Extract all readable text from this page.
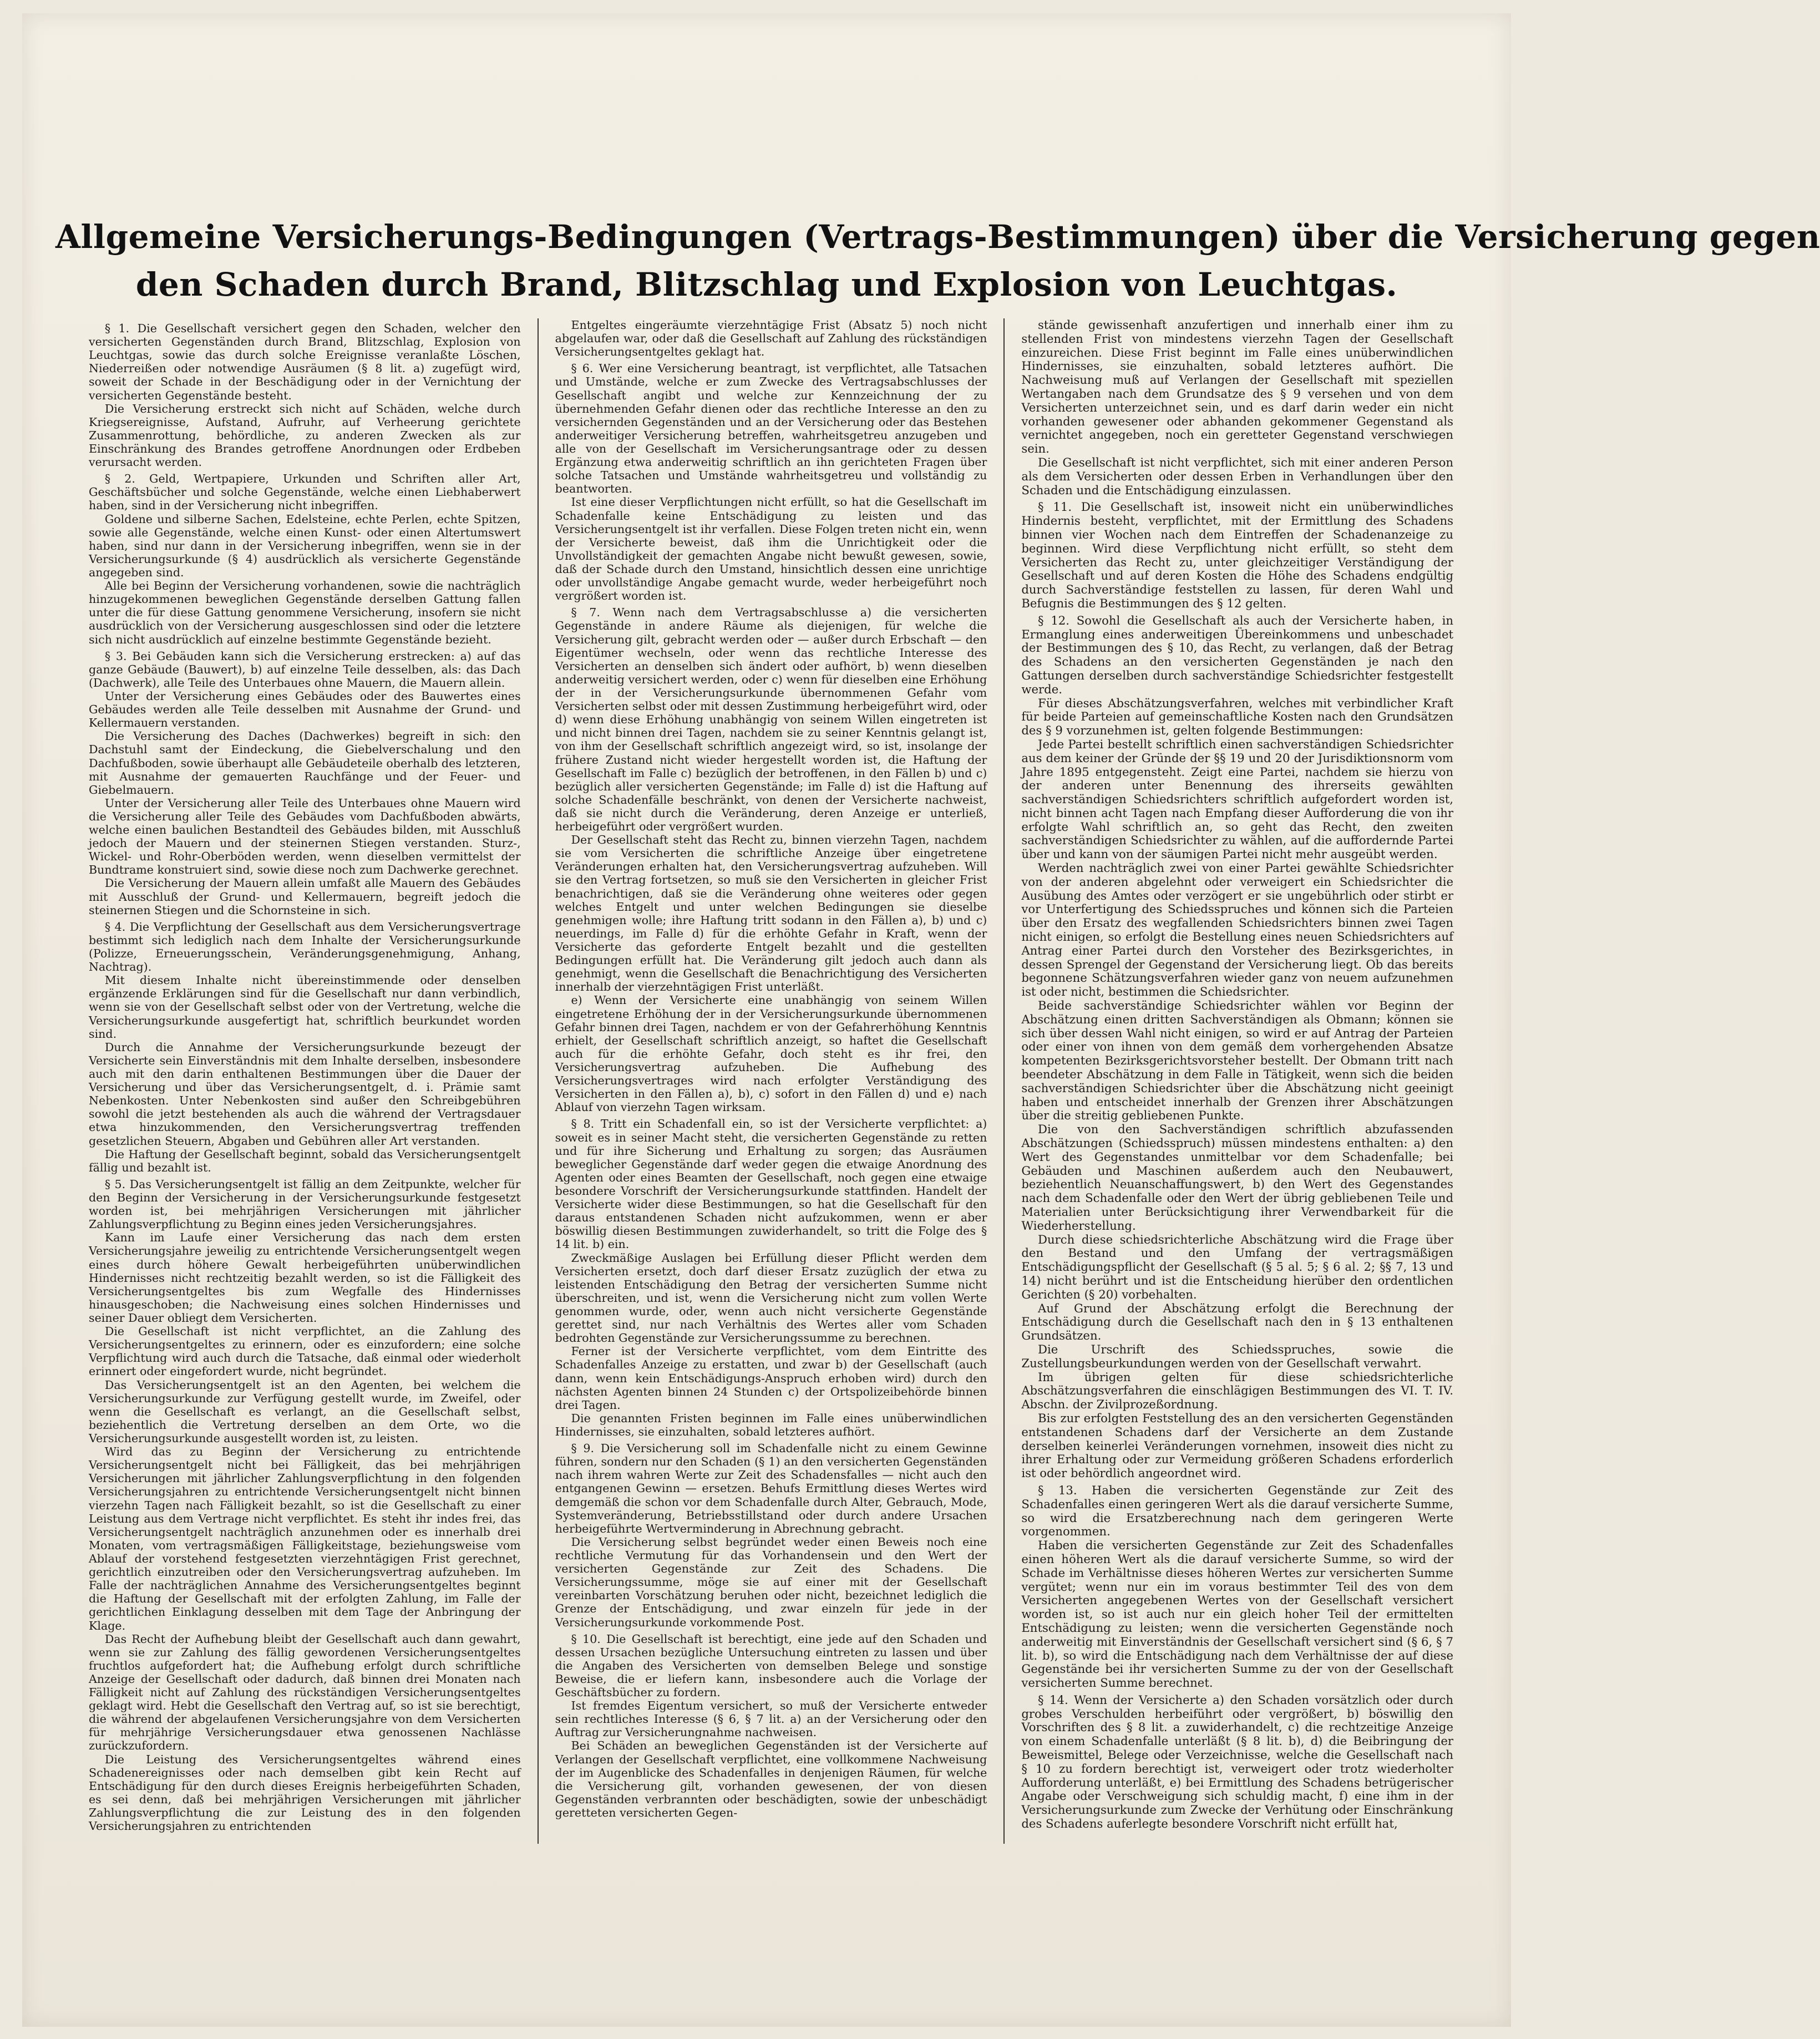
Allgemeine Versicherungs-Bedingungen (Vertrags-Bestimmungen) über die Versicherung gegen
den Schaden durch Brand, Blitzschlag und Explosion von Leuchtgas.

§ 1. Die Gesellschaft versichert gegen den Schaden, welcher den versicherten Gegenständen durch Brand, Blitzschlag, Explosion von Leuchtgas, sowie das durch solche Ereignisse veranlaßte Löschen, Niederreißen oder notwendige Ausräumen (§ 8 lit. a) zugefügt wird, soweit der Schade in der Beschädigung oder in der Vernichtung der versicherten Gegenstände besteht.

Die Versicherung erstreckt sich nicht auf Schäden, welche durch Kriegsereignisse, Aufstand, Aufruhr, auf Verheerung gerichtete Zusammenrottung, behördliche, zu anderen Zwecken als zur Einschränkung des Brandes getroffene Anordnungen oder Erdbeben verursacht werden.

§ 2. Geld, Wertpapiere, Urkunden und Schriften aller Art, Geschäftsbücher und solche Gegenstände, welche einen Liebhaberwert haben, sind in der Versicherung nicht inbegriffen.

Goldene und silberne Sachen, Edelsteine, echte Perlen, echte Spitzen, sowie alle Gegenstände, welche einen Kunst- oder einen Altertumswert haben, sind nur dann in der Versicherung inbegriffen, wenn sie in der Versicherungsurkunde (§ 4) ausdrücklich als versicherte Gegenstände angegeben sind.

Alle bei Beginn der Versicherung vorhandenen, sowie die nachträglich hinzugekommenen beweglichen Gegenstände derselben Gattung fallen unter die für diese Gattung genommene Versicherung, insofern sie nicht ausdrücklich von der Versicherung ausgeschlossen sind oder die letztere sich nicht ausdrücklich auf einzelne bestimmte Gegenstände bezieht.

§ 3. Bei Gebäuden kann sich die Versicherung erstrecken: a) auf das ganze Gebäude (Bauwert), b) auf einzelne Teile desselben, als: das Dach (Dachwerk), alle Teile des Unterbaues ohne Mauern, die Mauern allein.

Unter der Versicherung eines Gebäudes oder des Bauwertes eines Gebäudes werden alle Teile desselben mit Ausnahme der Grund- und Kellermauern verstanden.

Die Versicherung des Daches (Dachwerkes) begreift in sich: den Dachstuhl samt der Eindeckung, die Giebelverschalung und den Dachfußboden, sowie überhaupt alle Gebäudeteile oberhalb des letzteren, mit Ausnahme der gemauerten Rauchfänge und der Feuer- und Giebelmauern.

Unter der Versicherung aller Teile des Unterbaues ohne Mauern wird die Versicherung aller Teile des Gebäudes vom Dachfußboden abwärts, welche einen baulichen Bestandteil des Gebäudes bilden, mit Ausschluß jedoch der Mauern und der steinernen Stiegen verstanden. Sturz-, Wickel- und Rohr-Oberböden werden, wenn dieselben vermittelst der Bundtrame konstruiert sind, sowie diese noch zum Dachwerke gerechnet.

Die Versicherung der Mauern allein umfaßt alle Mauern des Gebäudes mit Ausschluß der Grund- und Kellermauern, begreift jedoch die steinernen Stiegen und die Schornsteine in sich.

§ 4. Die Verpflichtung der Gesellschaft aus dem Versicherungsvertrage bestimmt sich lediglich nach dem Inhalte der Versicherungsurkunde (Polizze, Erneuerungsschein, Veränderungsgenehmigung, Anhang, Nachtrag).

Mit diesem Inhalte nicht übereinstimmende oder denselben ergänzende Erklärungen sind für die Gesellschaft nur dann verbindlich, wenn sie von der Gesellschaft selbst oder von der Vertretung, welche die Versicherungsurkunde ausgefertigt hat, schriftlich beurkundet worden sind.

Durch die Annahme der Versicherungsurkunde bezeugt der Versicherte sein Einverständnis mit dem Inhalte derselben, insbesondere auch mit den darin enthaltenen Bestimmungen über die Dauer der Versicherung und über das Versicherungsentgelt, d. i. Prämie samt Nebenkosten. Unter Nebenkosten sind außer den Schreibgebühren sowohl die jetzt bestehenden als auch die während der Vertragsdauer etwa hinzukommenden, den Versicherungsvertrag treffenden gesetzlichen Steuern, Abgaben und Gebühren aller Art verstanden.

Die Haftung der Gesellschaft beginnt, sobald das Versicherungsentgelt fällig und bezahlt ist.

§ 5. Das Versicherungsentgelt ist fällig an dem Zeitpunkte, welcher für den Beginn der Versicherung in der Versicherungsurkunde festgesetzt worden ist, bei mehrjährigen Versicherungen mit jährlicher Zahlungsverpflichtung zu Beginn eines jeden Versicherungsjahres.

Kann im Laufe einer Versicherung das nach dem ersten Versicherungsjahre jeweilig zu entrichtende Versicherungsentgelt wegen eines durch höhere Gewalt herbeigeführten unüberwindlichen Hindernisses nicht rechtzeitig bezahlt werden, so ist die Fälligkeit des Versicherungsentgeltes bis zum Wegfalle des Hindernisses hinausgeschoben; die Nachweisung eines solchen Hindernisses und seiner Dauer obliegt dem Versicherten.

Die Gesellschaft ist nicht verpflichtet, an die Zahlung des Versicherungsentgeltes zu erinnern, oder es einzufordern; eine solche Verpflichtung wird auch durch die Tatsache, daß einmal oder wiederholt erinnert oder eingefordert wurde, nicht begründet.

Das Versicherungsentgelt ist an den Agenten, bei welchem die Versicherungsurkunde zur Verfügung gestellt wurde, im Zweifel, oder wenn die Gesellschaft es verlangt, an die Gesellschaft selbst, beziehentlich die Vertretung derselben an dem Orte, wo die Versicherungsurkunde ausgestellt worden ist, zu leisten.

Wird das zu Beginn der Versicherung zu entrichtende Versicherungsentgelt nicht bei Fälligkeit, das bei mehrjährigen Versicherungen mit jährlicher Zahlungsverpflichtung in den folgenden Versicherungsjahren zu entrichtende Versicherungsentgelt nicht binnen vierzehn Tagen nach Fälligkeit bezahlt, so ist die Gesellschaft zu einer Leistung aus dem Vertrage nicht verpflichtet. Es steht ihr indes frei, das Versicherungsentgelt nachträglich anzunehmen oder es innerhalb drei Monaten, vom vertragsmäßigen Fälligkeitstage, beziehungsweise vom Ablauf der vorstehend festgesetzten vierzehntägigen Frist gerechnet, gerichtlich einzutreiben oder den Versicherungsvertrag aufzuheben. Im Falle der nachträglichen Annahme des Versicherungsentgeltes beginnt die Haftung der Gesellschaft mit der erfolgten Zahlung, im Falle der gerichtlichen Einklagung desselben mit dem Tage der Anbringung der Klage.

Das Recht der Aufhebung bleibt der Gesellschaft auch dann gewahrt, wenn sie zur Zahlung des fällig gewordenen Versicherungsentgeltes fruchtlos aufgefordert hat; die Aufhebung erfolgt durch schriftliche Anzeige der Gesellschaft oder dadurch, daß binnen drei Monaten nach Fälligkeit nicht auf Zahlung des rückständigen Versicherungsentgeltes geklagt wird. Hebt die Gesellschaft den Vertrag auf, so ist sie berechtigt, die während der abgelaufenen Versicherungsjahre von dem Versicherten für mehrjährige Versicherungsdauer etwa genossenen Nachlässe zurückzufordern.

Die Leistung des Versicherungsentgeltes während eines Schadenereignisses oder nach demselben gibt kein Recht auf Entschädigung für den durch dieses Ereignis herbeigeführten Schaden, es sei denn, daß bei mehrjährigen Versicherungen mit jährlicher Zahlungsverpflichtung die zur Leistung des in den folgenden Versicherungsjahren zu entrichtenden

Entgeltes eingeräumte vierzehntägige Frist (Absatz 5) noch nicht abgelaufen war, oder daß die Gesellschaft auf Zahlung des rückständigen Versicherungsentgeltes geklagt hat.

§ 6. Wer eine Versicherung beantragt, ist verpflichtet, alle Tatsachen und Umstände, welche er zum Zwecke des Vertragsabschlusses der Gesellschaft angibt und welche zur Kennzeichnung der zu übernehmenden Gefahr dienen oder das rechtliche Interesse an den zu versichernden Gegenständen und an der Versicherung oder das Bestehen anderweitiger Versicherung betreffen, wahrheitsgetreu anzugeben und alle von der Gesellschaft im Versicherungsantrage oder zu dessen Ergänzung etwa anderweitig schriftlich an ihn gerichteten Fragen über solche Tatsachen und Umstände wahrheitsgetreu und vollständig zu beantworten.

Ist eine dieser Verpflichtungen nicht erfüllt, so hat die Gesellschaft im Schadenfalle keine Entschädigung zu leisten und das Versicherungsentgelt ist ihr verfallen. Diese Folgen treten nicht ein, wenn der Versicherte beweist, daß ihm die Unrichtigkeit oder die Unvollständigkeit der gemachten Angabe nicht bewußt gewesen, sowie, daß der Schade durch den Umstand, hinsichtlich dessen eine unrichtige oder unvollständige Angabe gemacht wurde, weder herbeigeführt noch vergrößert worden ist.

§ 7. Wenn nach dem Vertragsabschlusse a) die versicherten Gegenstände in andere Räume als diejenigen, für welche die Versicherung gilt, gebracht werden oder — außer durch Erbschaft — den Eigentümer wechseln, oder wenn das rechtliche Interesse des Versicherten an denselben sich ändert oder aufhört, b) wenn dieselben anderweitig versichert werden, oder c) wenn für dieselben eine Erhöhung der in der Versicherungsurkunde übernommenen Gefahr vom Versicherten selbst oder mit dessen Zustimmung herbeigeführt wird, oder d) wenn diese Erhöhung unabhängig von seinem Willen eingetreten ist und nicht binnen drei Tagen, nachdem sie zu seiner Kenntnis gelangt ist, von ihm der Gesellschaft schriftlich angezeigt wird, so ist, insolange der frühere Zustand nicht wieder hergestellt worden ist, die Haftung der Gesellschaft im Falle c) bezüglich der betroffenen, in den Fällen b) und c) bezüglich aller versicherten Gegenstände; im Falle d) ist die Haftung auf solche Schadenfälle beschränkt, von denen der Versicherte nachweist, daß sie nicht durch die Veränderung, deren Anzeige er unterließ, herbeigeführt oder vergrößert wurden.

Der Gesellschaft steht das Recht zu, binnen vierzehn Tagen, nachdem sie vom Versicherten die schriftliche Anzeige über eingetretene Veränderungen erhalten hat, den Versicherungsvertrag aufzuheben. Will sie den Vertrag fortsetzen, so muß sie den Versicherten in gleicher Frist benachrichtigen, daß sie die Veränderung ohne weiteres oder gegen welches Entgelt und unter welchen Bedingungen sie dieselbe genehmigen wolle; ihre Haftung tritt sodann in den Fällen a), b) und c) neuerdings, im Falle d) für die erhöhte Gefahr in Kraft, wenn der Versicherte das geforderte Entgelt bezahlt und die gestellten Bedingungen erfüllt hat. Die Veränderung gilt jedoch auch dann als genehmigt, wenn die Gesellschaft die Benachrichtigung des Versicherten innerhalb der vierzehntägigen Frist unterläßt.

e) Wenn der Versicherte eine unabhängig von seinem Willen eingetretene Erhöhung der in der Versicherungsurkunde übernommenen Gefahr binnen drei Tagen, nachdem er von der Gefahrerhöhung Kenntnis erhielt, der Gesellschaft schriftlich anzeigt, so haftet die Gesellschaft auch für die erhöhte Gefahr, doch steht es ihr frei, den Versicherungsvertrag aufzuheben. Die Aufhebung des Versicherungsvertrages wird nach erfolgter Verständigung des Versicherten in den Fällen a), b), c) sofort in den Fällen d) und e) nach Ablauf von vierzehn Tagen wirksam.

§ 8. Tritt ein Schadenfall ein, so ist der Versicherte verpflichtet: a) soweit es in seiner Macht steht, die versicherten Gegenstände zu retten und für ihre Sicherung und Erhaltung zu sorgen; das Ausräumen beweglicher Gegenstände darf weder gegen die etwaige Anordnung des Agenten oder eines Beamten der Gesellschaft, noch gegen eine etwaige besondere Vorschrift der Versicherungsurkunde stattfinden. Handelt der Versicherte wider diese Bestimmungen, so hat die Gesellschaft für den daraus entstandenen Schaden nicht aufzukommen, wenn er aber böswillig diesen Bestimmungen zuwiderhandelt, so tritt die Folge des § 14 lit. b) ein.

Zweckmäßige Auslagen bei Erfüllung dieser Pflicht werden dem Versicherten ersetzt, doch darf dieser Ersatz zuzüglich der etwa zu leistenden Entschädigung den Betrag der versicherten Summe nicht überschreiten, und ist, wenn die Versicherung nicht zum vollen Werte genommen wurde, oder, wenn auch nicht versicherte Gegenstände gerettet sind, nur nach Verhältnis des Wertes aller vom Schaden bedrohten Gegenstände zur Versicherungssumme zu berechnen.

Ferner ist der Versicherte verpflichtet, vom dem Eintritte des Schadenfalles Anzeige zu erstatten, und zwar b) der Gesellschaft (auch dann, wenn kein Entschädigungs-Anspruch erhoben wird) durch den nächsten Agenten binnen 24 Stunden c) der Ortspolizeibehörde binnen drei Tagen.

Die genannten Fristen beginnen im Falle eines unüberwindlichen Hindernisses, sie einzuhalten, sobald letzteres aufhört.

§ 9. Die Versicherung soll im Schadenfalle nicht zu einem Gewinne führen, sondern nur den Schaden (§ 1) an den versicherten Gegenständen nach ihrem wahren Werte zur Zeit des Schadensfalles — nicht auch den entgangenen Gewinn — ersetzen. Behufs Ermittlung dieses Wertes wird demgemäß die schon vor dem Schadenfalle durch Alter, Gebrauch, Mode, Systemveränderung, Betriebsstillstand oder durch andere Ursachen herbeigeführte Wertverminderung in Abrechnung gebracht.

Die Versicherung selbst begründet weder einen Beweis noch eine rechtliche Vermutung für das Vorhandensein und den Wert der versicherten Gegenstände zur Zeit des Schadens. Die Versicherungssumme, möge sie auf einer mit der Gesellschaft vereinbarten Vorschätzung beruhen oder nicht, bezeichnet lediglich die Grenze der Entschädigung, und zwar einzeln für jede in der Versicherungsurkunde vorkommende Post.

§ 10. Die Gesellschaft ist berechtigt, eine jede auf den Schaden und dessen Ursachen bezügliche Untersuchung eintreten zu lassen und über die Angaben des Versicherten von demselben Belege und sonstige Beweise, die er liefern kann, insbesondere auch die Vorlage der Geschäftsbücher zu fordern.

Ist fremdes Eigentum versichert, so muß der Versicherte entweder sein rechtliches Interesse (§ 6, § 7 lit. a) an der Versicherung oder den Auftrag zur Versicherungnahme nachweisen.

Bei Schäden an beweglichen Gegenständen ist der Versicherte auf Verlangen der Gesellschaft verpflichtet, eine vollkommene Nachweisung der im Augenblicke des Schadenfalles in denjenigen Räumen, für welche die Versicherung gilt, vorhanden gewesenen, der von diesen Gegenständen verbrannten oder beschädigten, sowie der unbeschädigt geretteten versicherten Gegen-

stände gewissenhaft anzufertigen und innerhalb einer ihm zu stellenden Frist von mindestens vierzehn Tagen der Gesellschaft einzureichen. Diese Frist beginnt im Falle eines unüberwindlichen Hindernisses, sie einzuhalten, sobald letzteres aufhört. Die Nachweisung muß auf Verlangen der Gesellschaft mit speziellen Wertangaben nach dem Grundsatze des § 9 versehen und von dem Versicherten unterzeichnet sein, und es darf darin weder ein nicht vorhanden gewesener oder abhanden gekommener Gegenstand als vernichtet angegeben, noch ein geretteter Gegenstand verschwiegen sein.

Die Gesellschaft ist nicht verpflichtet, sich mit einer anderen Person als dem Versicherten oder dessen Erben in Verhandlungen über den Schaden und die Entschädigung einzulassen.

§ 11. Die Gesellschaft ist, insoweit nicht ein unüberwindliches Hindernis besteht, verpflichtet, mit der Ermittlung des Schadens binnen vier Wochen nach dem Eintreffen der Schadenanzeige zu beginnen. Wird diese Verpflichtung nicht erfüllt, so steht dem Versicherten das Recht zu, unter gleichzeitiger Verständigung der Gesellschaft und auf deren Kosten die Höhe des Schadens endgültig durch Sachverständige feststellen zu lassen, für deren Wahl und Befugnis die Bestimmungen des § 12 gelten.

§ 12. Sowohl die Gesellschaft als auch der Versicherte haben, in Ermanglung eines anderweitigen Übereinkommens und unbeschadet der Bestimmungen des § 10, das Recht, zu verlangen, daß der Betrag des Schadens an den versicherten Gegenständen je nach den Gattungen derselben durch sachverständige Schiedsrichter festgestellt werde.

Für dieses Abschätzungsverfahren, welches mit verbindlicher Kraft für beide Parteien auf gemeinschaftliche Kosten nach den Grundsätzen des § 9 vorzunehmen ist, gelten folgende Bestimmungen:

Jede Partei bestellt schriftlich einen sachverständigen Schiedsrichter aus dem keiner der Gründe der §§ 19 und 20 der Jurisdiktionsnorm vom Jahre 1895 entgegensteht. Zeigt eine Partei, nachdem sie hierzu von der anderen unter Benennung des ihrerseits gewählten sachverständigen Schiedsrichters schriftlich aufgefordert worden ist, nicht binnen acht Tagen nach Empfang dieser Aufforderung die von ihr erfolgte Wahl schriftlich an, so geht das Recht, den zweiten sachverständigen Schiedsrichter zu wählen, auf die auffordernde Partei über und kann von der säumigen Partei nicht mehr ausgeübt werden.

Werden nachträglich zwei von einer Partei gewählte Schiedsrichter von der anderen abgelehnt oder verweigert ein Schiedsrichter die Ausübung des Amtes oder verzögert er sie ungebührlich oder stirbt er vor Unterfertigung des Schiedsspruches und können sich die Parteien über den Ersatz des wegfallenden Schiedsrichters binnen zwei Tagen nicht einigen, so erfolgt die Bestellung eines neuen Schiedsrichters auf Antrag einer Partei durch den Vorsteher des Bezirksgerichtes, in dessen Sprengel der Gegenstand der Versicherung liegt. Ob das bereits begonnene Schätzungsverfahren wieder ganz von neuem aufzunehmen ist oder nicht, bestimmen die Schiedsrichter.

Beide sachverständige Schiedsrichter wählen vor Beginn der Abschätzung einen dritten Sachverständigen als Obmann; können sie sich über dessen Wahl nicht einigen, so wird er auf Antrag der Parteien oder einer von ihnen von dem gemäß dem vorhergehenden Absatze kompetenten Bezirksgerichtsvorsteher bestellt. Der Obmann tritt nach beendeter Abschätzung in dem Falle in Tätigkeit, wenn sich die beiden sachverständigen Schiedsrichter über die Abschätzung nicht geeinigt haben und entscheidet innerhalb der Grenzen ihrer Abschätzungen über die streitig gebliebenen Punkte.

Die von den Sachverständigen schriftlich abzufassenden Abschätzungen (Schiedsspruch) müssen mindestens enthalten: a) den Wert des Gegenstandes unmittelbar vor dem Schadenfalle; bei Gebäuden und Maschinen außerdem auch den Neubauwert, beziehentlich Neuanschaffungswert, b) den Wert des Gegenstandes nach dem Schadenfalle oder den Wert der übrig gebliebenen Teile und Materialien unter Berücksichtigung ihrer Verwendbarkeit für die Wiederherstellung.

Durch diese schiedsrichterliche Abschätzung wird die Frage über den Bestand und den Umfang der vertragsmäßigen Entschädigungspflicht der Gesellschaft (§ 5 al. 5; § 6 al. 2; §§ 7, 13 und 14) nicht berührt und ist die Entscheidung hierüber den ordentlichen Gerichten (§ 20) vorbehalten.

Auf Grund der Abschätzung erfolgt die Berechnung der Entschädigung durch die Gesellschaft nach den in § 13 enthaltenen Grundsätzen.

Die Urschrift des Schiedsspruches, sowie die Zustellungsbeurkundungen werden von der Gesellschaft verwahrt.

Im übrigen gelten für diese schiedsrichterliche Abschätzungsverfahren die einschlägigen Bestimmungen des VI. T. IV. Abschn. der Zivilprozeßordnung.

Bis zur erfolgten Feststellung des an den versicherten Gegenständen entstandenen Schadens darf der Versicherte an dem Zustande derselben keinerlei Veränderungen vornehmen, insoweit dies nicht zu ihrer Erhaltung oder zur Vermeidung größeren Schadens erforderlich ist oder behördlich angeordnet wird.

§ 13. Haben die versicherten Gegenstände zur Zeit des Schadenfalles einen geringeren Wert als die darauf versicherte Summe, so wird die Ersatzberechnung nach dem geringeren Werte vorgenommen.

Haben die versicherten Gegenstände zur Zeit des Schadenfalles einen höheren Wert als die darauf versicherte Summe, so wird der Schade im Verhältnisse dieses höheren Wertes zur versicherten Summe vergütet; wenn nur ein im voraus bestimmter Teil des von dem Versicherten angegebenen Wertes von der Gesellschaft versichert worden ist, so ist auch nur ein gleich hoher Teil der ermittelten Entschädigung zu leisten; wenn die versicherten Gegenstände noch anderweitig mit Einverständnis der Gesellschaft versichert sind (§ 6, § 7 lit. b), so wird die Entschädigung nach dem Verhältnisse der auf diese Gegenstände bei ihr versicherten Summe zu der von der Gesellschaft versicherten Summe berechnet.

§ 14. Wenn der Versicherte a) den Schaden vorsätzlich oder durch grobes Verschulden herbeiführt oder vergrößert, b) böswillig den Vorschriften des § 8 lit. a zuwiderhandelt, c) die rechtzeitige Anzeige von einem Schadenfalle unterläßt (§ 8 lit. b), d) die Beibringung der Beweismittel, Belege oder Verzeichnisse, welche die Gesellschaft nach § 10 zu fordern berechtigt ist, verweigert oder trotz wiederholter Aufforderung unterläßt, e) bei Ermittlung des Schadens betrügerischer Angabe oder Verschweigung sich schuldig macht, f) eine ihm in der Versicherungsurkunde zum Zwecke der Verhütung oder Einschränkung des Schadens auferlegte besondere Vorschrift nicht erfüllt hat,
